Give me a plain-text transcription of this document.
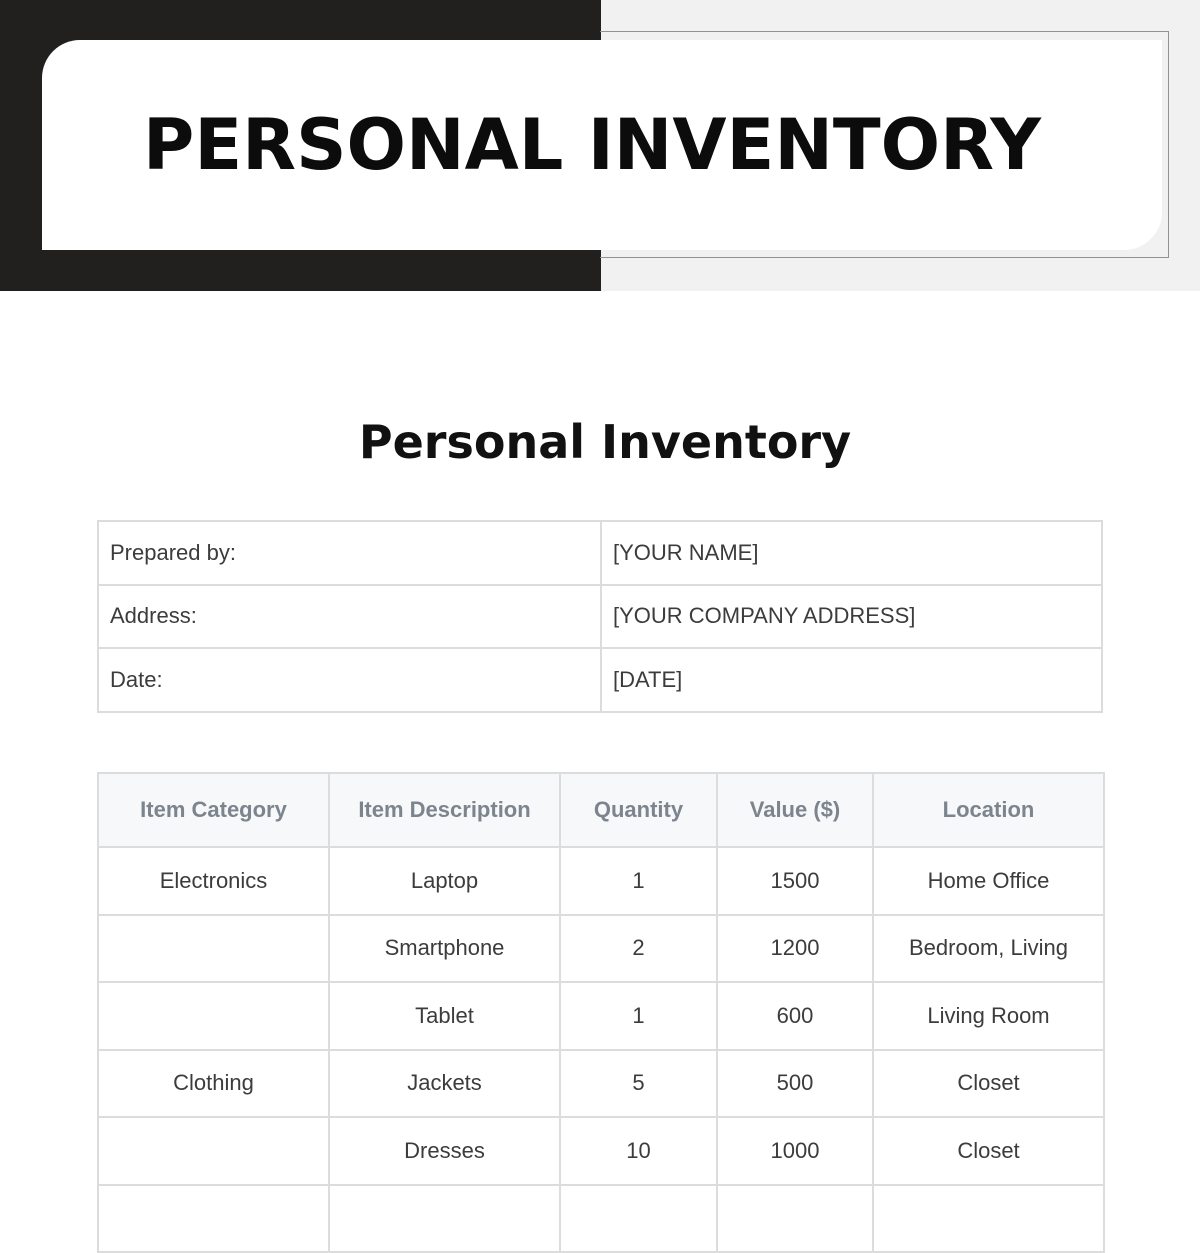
PERSONAL INVENTORY
Personal Inventory
Prepared by:	[YOUR NAME]
Address:	[YOUR COMPANY ADDRESS]
Date:	[DATE]
Item Category	Item Description	Quantity	Value ($)	Location
Electronics	Laptop	1	1500	Home Office
	Smartphone	2	1200	Bedroom, Living
	Tablet	1	600	Living Room
Clothing	Jackets	5	500	Closet
	Dresses	10	1000	Closet
